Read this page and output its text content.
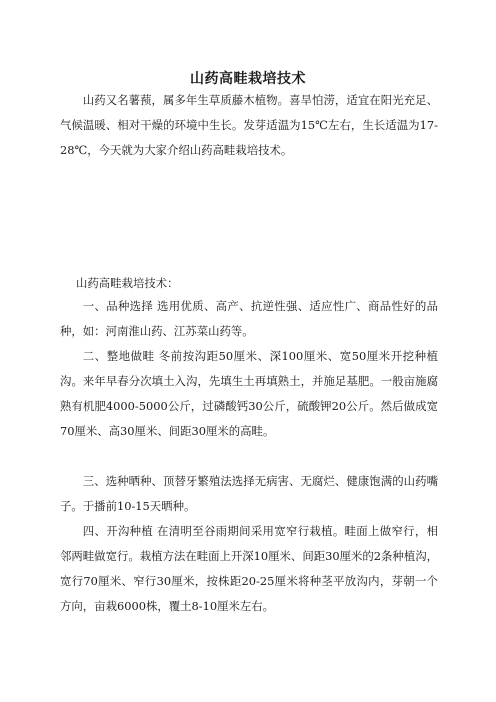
山药高畦栽培技术

山药又名薯蓣，属多年生草质藤木植物。喜旱怕涝，适宜在阳光充足、气候温暖、相对干燥的环境中生长。发芽适温为15℃左右，生长适温为17-28℃，今天就为大家介绍山药高畦栽培技术。

山药高畦栽培技术：

一、品种选择 选用优质、高产、抗逆性强、适应性广、商品性好的品种，如：河南淮山药、江苏菜山药等。

二、整地做畦 冬前按沟距50厘米、深100厘米、宽50厘米开挖种植沟。来年早春分次填土入沟，先填生土再填熟土，并施足基肥。一般亩施腐熟有机肥4000-5000公斤，过磷酸钙30公斤，硫酸钾20公斤。然后做成宽70厘米、高30厘米、间距30厘米的高畦。

三、选种晒种、顶替牙繁殖法选择无病害、无腐烂、健康饱满的山药嘴子。于播前10-15天晒种。

四、开沟种植 在清明至谷雨期间采用宽窄行栽植。畦面上做窄行，相邻两畦做宽行。栽植方法在畦面上开深10厘米、间距30厘米的2条种植沟，宽行70厘米、窄行30厘米，按株距20-25厘米将种茎平放沟内，芽朝一个方向，亩栽6000株，覆土8-10厘米左右。
